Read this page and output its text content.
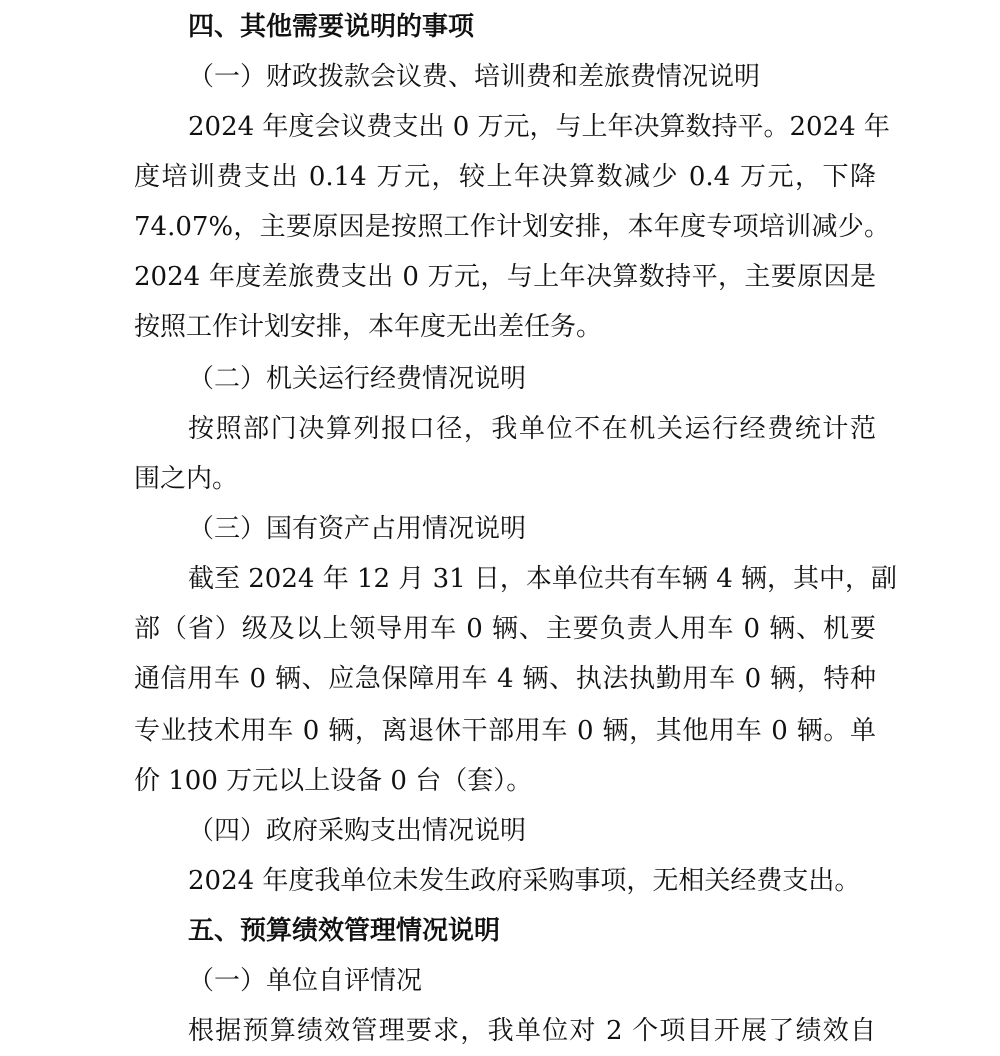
四、其他需要说明的事项

（一）财政拨款会议费、培训费和差旅费情况说明

2024 年度会议费支出 0 万元，与上年决算数持平。2024 年

度培训费支出 0.14 万元，较上年决算数减少 0.4 万元，下降

74.07%，主要原因是按照工作计划安排，本年度专项培训减少。

2024 年度差旅费支出 0 万元，与上年决算数持平，主要原因是

按照工作计划安排，本年度无出差任务。

（二）机关运行经费情况说明

按照部门决算列报口径，我单位不在机关运行经费统计范

围之内。

（三）国有资产占用情况说明

截至 2024 年 12 月 31 日，本单位共有车辆 4 辆，其中，副

部（省）级及以上领导用车 0 辆、主要负责人用车 0 辆、机要

通信用车 0 辆、应急保障用车 4 辆、执法执勤用车 0 辆，特种

专业技术用车 0 辆，离退休干部用车 0 辆，其他用车 0 辆。单

价 100 万元以上设备 0 台（套）。

（四）政府采购支出情况说明

2024 年度我单位未发生政府采购事项，无相关经费支出。

五、预算绩效管理情况说明

（一）单位自评情况

根据预算绩效管理要求，我单位对 2 个项目开展了绩效自
